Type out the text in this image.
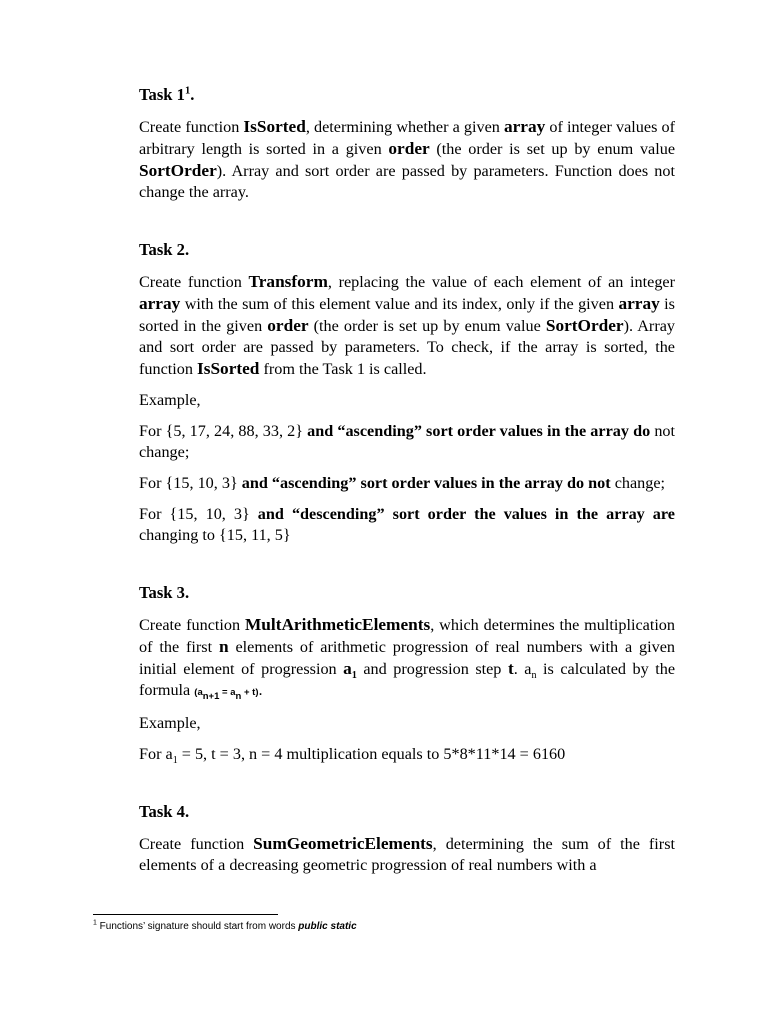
Task $1^1$.
Create function IsSorted, determining whether a given array of integer values of arbitrary length is sorted in a given order (the order is set up by enum value SortOrder). Array and sort order are passed by parameters. Function does not change the array.
Task 2.
Create function Transform, replacing the value of each element of an integer array with the sum of this element value and its index, only if the given array is sorted in the given order (the order is set up by enum value SortOrder). Array and sort order are passed by parameters. To check, if the array is sorted, the function IsSorted from the Task 1 is called.
Example,
For {5, 17, 24, 88, 33, 2} and “ascending” sort order values in the array do not change;
For {15, 10, 3} and “ascending” sort order values in the array do not change;
For {15, 10, 3} and “descending” sort order the values in the array are changing to {15, 11, 5}
Task 3.
Create function MultArithmeticElements, which determines the multiplication of the first n elements of arithmetic progression of real numbers with a given initial element of progression $a_1$ and progression step t. $a_n$ is calculated by the formula $(a_{n+1} = a_n + t)$.
Example,
For $a_1 = 5$, t = 3, n = 4 multiplication equals to 5*8*11*14 = 6160
Task 4.
Create function SumGeometricElements, determining the sum of the first elements of a decreasing geometric progression of real numbers with a
$^1$ Functions’ signature should start from words public static
